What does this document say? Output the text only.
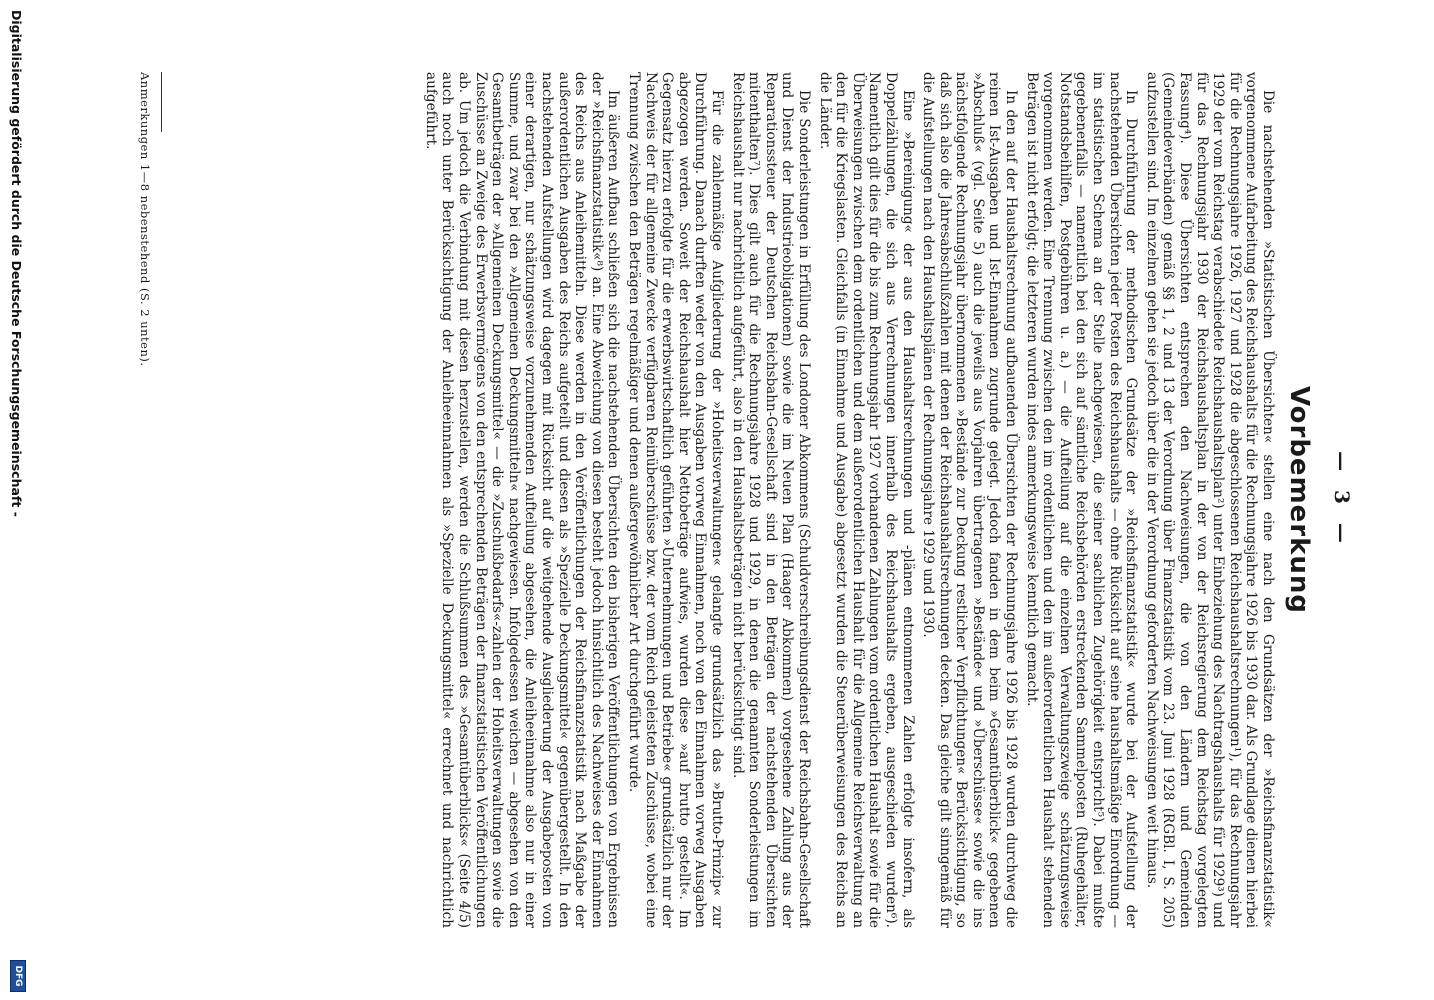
— 3 —
Vorbemerkung

Die nachstehenden »Statistischen Übersichten« stellen eine nach den Grundsätzen der »Reichsfinanzstatistik« vorgenommene Aufarbeitung des Reichshaushalts für die Rechnungsjahre 1926 bis 1930 dar. Als Grundlage dienen hierbei für die Rechnungsjahre 1926, 1927 und 1928 die abgeschlossenen Reichshaushaltsrechnungen¹), für das Rechnungsjahr 1929 der vom Reichstag verabschiedete Reichshaushaltsplan²) unter Einbeziehung des Nachtragshaushalts für 1929³) und für das Rechnungsjahr 1930 der Reichshaushaltsplan in der von der Reichsregierung dem Reichstag vorgelegten Fassung⁴). Diese Übersichten entsprechen den Nachweisungen, die von den Ländern und Gemeinden (Gemeindeverbänden) gemäß §§ 1, 2 und 13 der Verordnung über Finanzstatistik vom 23. Juni 1928 (RGBl. I, S. 205) aufzustellen sind. Im einzelnen gehen sie jedoch über die in der Verordnung geforderten Nachweisungen weit hinaus.

In Durchführung der methodischen Grundsätze der »Reichsfinanzstatistik« wurde bei der Aufstellung der nachstehenden Übersichten jeder Posten des Reichshaushalts — ohne Rücksicht auf seine haushaltsmäßige Einordnung — im statistischen Schema an der Stelle nachgewiesen, die seiner sachlichen Zugehörigkeit entspricht⁵). Dabei mußte gegebenenfalls — namentlich bei den sich auf sämtliche Reichsbehörden erstreckenden Sammelposten (Ruhegehälter, Notstandsbeihilfen, Postgebühren u. a.) — die Aufteilung auf die einzelnen Verwaltungszweige schätzungsweise vorgenommen werden. Eine Trennung zwischen den im ordentlichen und den im außerordentlichen Haushalt stehenden Beträgen ist nicht erfolgt; die letzteren wurden indes anmerkungsweise kenntlich gemacht.

In den auf der Haushaltsrechnung aufbauenden Übersichten der Rechnungsjahre 1926 bis 1928 wurden durchweg die reinen Ist-Ausgaben und Ist-Einnahmen zugrunde gelegt. Jedoch fanden in dem beim »Gesamtüberblick« gegebenen »Abschluß« (vgl. Seite 5) auch die jeweils aus Vorjahren übertragenen »Bestände« und »Überschüsse« sowie die ins nächstfolgende Rechnungsjahr übernommenen »Bestände zur Deckung restlicher Verpflichtungen« Berücksichtigung, so daß sich also die Jahresabschlußzahlen mit denen der Reichshaushaltsrechnungen decken. Das gleiche gilt sinngemäß für die Aufstellungen nach den Haushaltsplänen der Rechnungsjahre 1929 und 1930.

Eine »Bereinigung« der aus den Haushaltsrechnungen und -plänen entnommenen Zahlen erfolgte insofern, als Doppelzählungen, die sich aus Verrechnungen innerhalb des Reichshaushalts ergeben, ausgeschieden wurden⁶). Namentlich gilt dies für die bis zum Rechnungsjahr 1927 vorhandenen Zahlungen vom ordentlichen Haushalt sowie für die Überweisungen zwischen dem ordentlichen und dem außerordentlichen Haushalt für die Allgemeine Reichsverwaltung an den für die Kriegslasten. Gleichfalls (in Einnahme und Ausgabe) abgesetzt wurden die Steuerüberweisungen des Reichs an die Länder.

Die Sonderleistungen in Erfüllung des Londoner Abkommens (Schuldverschreibungsdienst der Reichsbahn-Gesellschaft und Dienst der Industrieobligationen) sowie die im Neuen Plan (Haager Abkommen) vorgesehene Zahlung aus der Reparationssteuer der Deutschen Reichsbahn-Gesellschaft sind in den Beträgen der nachstehenden Übersichten mitenthalten⁷). Dies gilt auch für die Rechnungsjahre 1928 und 1929, in denen die genannten Sonderleistungen im Reichshaushalt nur nachrichtlich aufgeführt, also in den Haushaltsbeträgen nicht berücksichtigt sind.

Für die zahlenmäßige Aufgliederung der »Hoheitsverwaltungen« gelangte grundsätzlich das »Brutto-Prinzip« zur Durchführung. Danach durften weder von den Ausgaben vorweg Einnahmen, noch von den Einnahmen vorweg Ausgaben abgezogen werden. Soweit der Reichshaushalt hier Nettobeträge aufwies, wurden diese »auf brutto gestellt«. Im Gegensatz hierzu erfolgte für die erwerbswirtschaftlich geführten »Unternehmungen und Betriebe« grundsätzlich nur der Nachweis der für allgemeine Zwecke verfügbaren Reinüberschüsse bzw. der vom Reich geleisteten Zuschüsse, wobei eine Trennung zwischen den Beträgen regelmäßiger und denen außergewöhnlicher Art durchgeführt wurde.

Im äußeren Aufbau schließen sich die nachstehenden Übersichten den bisherigen Veröffentlichungen von Ergebnissen der »Reichsfinanzstatistik«⁸) an. Eine Abweichung von diesen besteht jedoch hinsichtlich des Nachweises der Einnahmen des Reichs aus Anleihemitteln. Diese werden in den Veröffentlichungen der Reichsfinanzstatistik nach Maßgabe der außerordentlichen Ausgaben des Reichs aufgeteilt und diesen als »Spezielle Deckungsmittel« gegenübergestellt. In den nachstehenden Aufstellungen wird dagegen mit Rücksicht auf die weitgehende Ausgliederung der Ausgabeposten von einer derartigen, nur schätzungsweise vorzunehmenden Aufteilung abgesehen, die Anleiheeinnahme also nur in einer Summe, und zwar bei den »Allgemeinen Deckungsmitteln« nachgewiesen. Infolgedessen weichen — abgesehen von den Gesamtbeträgen der »Allgemeinen Deckungsmittel« — die »Zuschußbedarfs«-zahlen der Hoheitsverwaltungen sowie die Zuschüsse an Zweige des Erwerbsvermögens von den entsprechenden Beträgen der finanzstatistischen Veröffentlichungen ab. Um jedoch die Verbindung mit diesen herzustellen, werden die Schlußsummen des »Gesamtüberblicks« (Seite 4/5) auch noch unter Berücksichtigung der Anleiheeinnahmen als »Spezielle Deckungsmittel« errechnet und nachrichtlich aufgeführt.

Anmerkungen 1—8 nebenstehend (S. 2 unten).
Digitalisierung gefördert durch die Deutsche Forschungsgemeinschaft -
DFG
